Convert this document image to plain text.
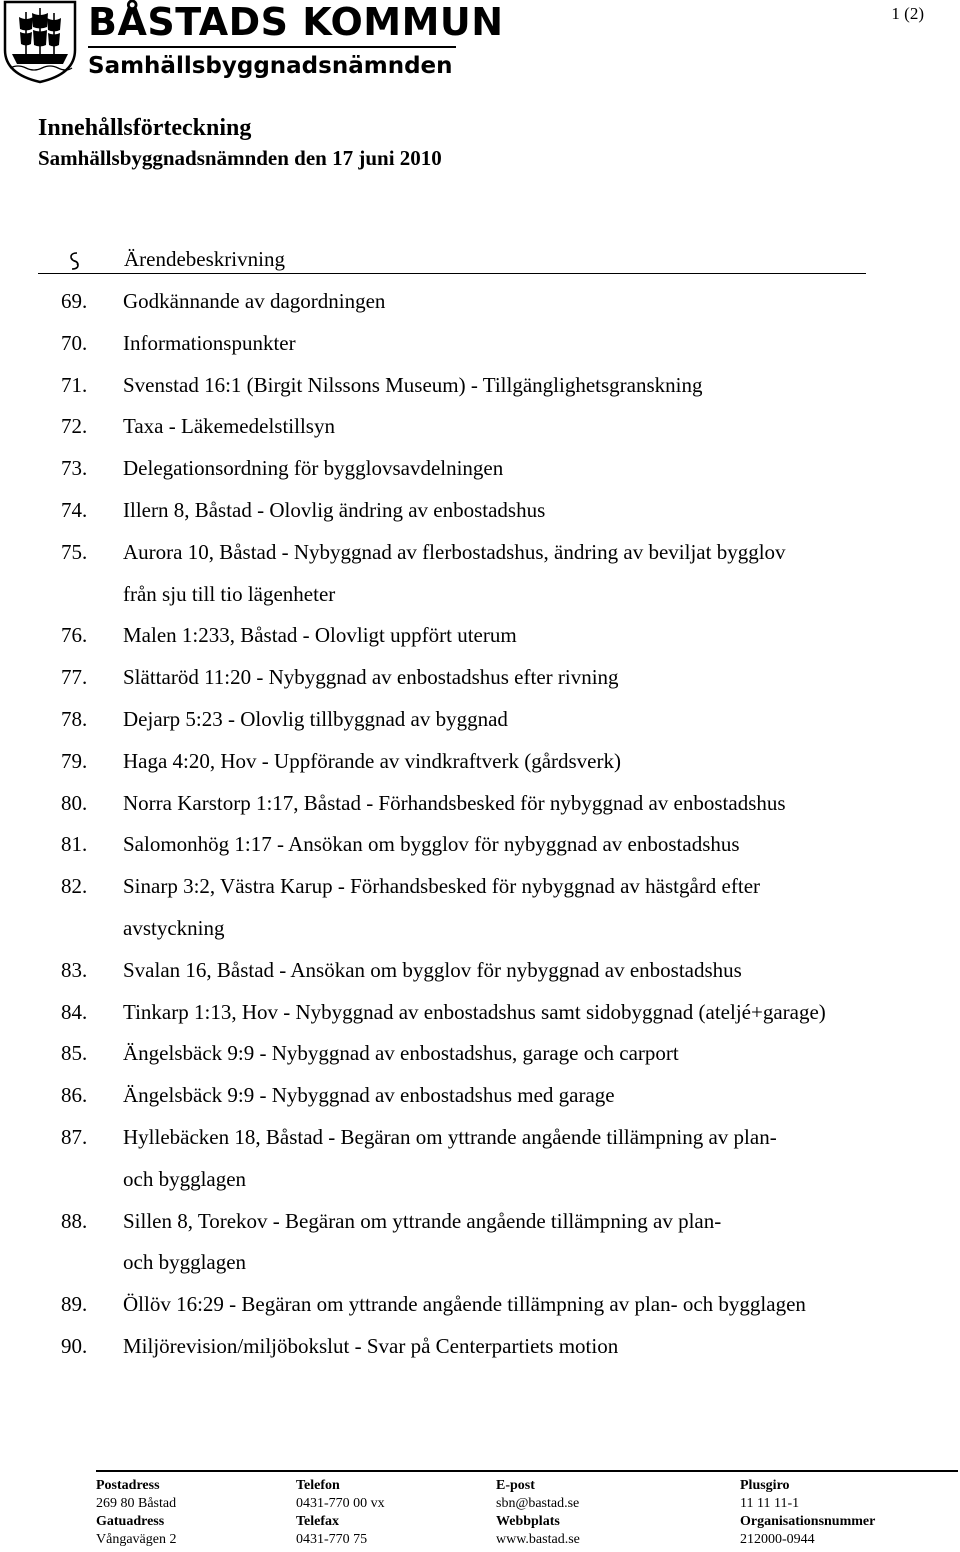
BÅSTADS KOMMUN
Samhällsbyggnadsnämnden
1 (2)
Innehållsförteckning
Samhällsbyggnadsnämnden den 17 juni 2010
Ärendebeskrivning
69. Godkännande av dagordningen
70. Informationspunkter
71. Svenstad 16:1 (Birgit Nilssons Museum) - Tillgänglighetsgranskning
72. Taxa - Läkemedelstillsyn
73. Delegationsordning för bygglovsavdelningen
74. Illern 8, Båstad - Olovlig ändring av enbostadshus
75. Aurora 10, Båstad - Nybyggnad av flerbostadshus, ändring av beviljat bygglov
från sju till tio lägenheter
76. Malen 1:233, Båstad - Olovligt uppfört uterum
77. Slättaröd 11:20 - Nybyggnad av enbostadshus efter rivning
78. Dejarp 5:23 - Olovlig tillbyggnad av byggnad
79. Haga 4:20, Hov - Uppförande av vindkraftverk (gårdsverk)
80. Norra Karstorp 1:17, Båstad - Förhandsbesked för nybyggnad av enbostadshus
81. Salomonhög 1:17 - Ansökan om bygglov för nybyggnad av enbostadshus
82. Sinarp 3:2, Västra Karup - Förhandsbesked för nybyggnad av hästgård efter
avstyckning
83. Svalan 16, Båstad - Ansökan om bygglov för nybyggnad av enbostadshus
84. Tinkarp 1:13, Hov - Nybyggnad av enbostadshus samt sidobyggnad (ateljé+garage)
85. Ängelsbäck 9:9 - Nybyggnad av enbostadshus, garage och carport
86. Ängelsbäck 9:9 - Nybyggnad av enbostadshus med garage
87. Hyllebäcken 18, Båstad - Begäran om yttrande angående tillämpning av plan-
och bygglagen
88. Sillen 8, Torekov - Begäran om yttrande angående tillämpning av plan-
och bygglagen
89. Öllöv 16:29 - Begäran om yttrande angående tillämpning av plan- och bygglagen
90. Miljörevision/miljöbokslut - Svar på Centerpartiets motion
Postadress
269 80 Båstad
Gatuadress
Vångavägen 2
Telefon
0431-770 00 vx
Telefax
0431-770 75
E-post
sbn@bastad.se
Webbplats
www.bastad.se
Plusgiro
11 11 11-1
Organisationsnummer
212000-0944
